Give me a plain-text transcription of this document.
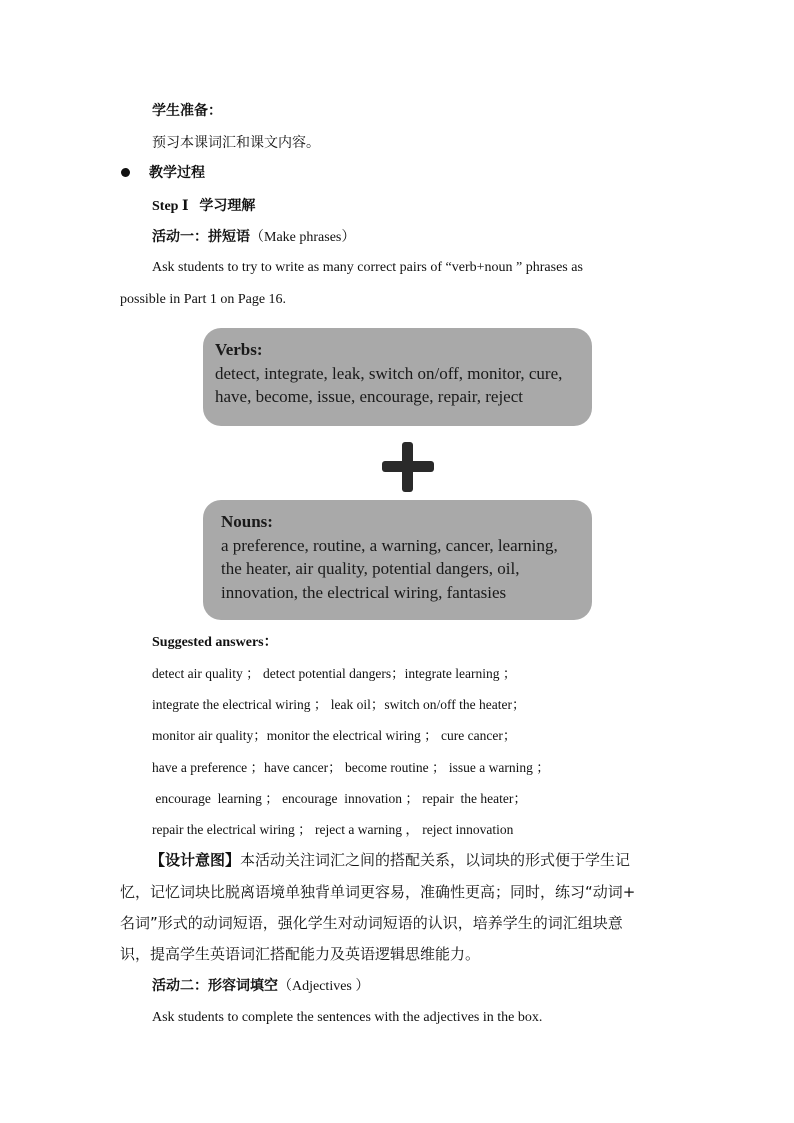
学生准备：
预习本课词汇和课文内容。
教学过程
Step Ⅰ 学习理解
活动一：拼短语（Make phrases）
Ask students to try to write as many correct pairs of “verb+noun ” phrases as
possible in Part 1 on Page 16.
Verbs:
detect, integrate, leak, switch on/off, monitor, cure,
have, become, issue, encourage, repair, reject
Nouns:
a preference, routine, a warning, cancer, learning,
the heater, air quality, potential dangers, oil,
innovation, the electrical wiring, fantasies
Suggested answers：
detect air quality ； detect potential dangers；integrate learning ；
integrate the electrical wiring ； leak oil；switch on/off the heater；
monitor air quality；monitor the electrical wiring ； cure cancer；
have a preference ；have cancer； become routine ； issue a warning ；
encourage  learning ； encourage  innovation ； repair  the heater；
repair the electrical wiring ； reject a warning ， reject innovation
【设计意图】本活动关注词汇之间的搭配关系，以词块的形式便于学生记
忆，记忆词块比脱离语境单独背单词更容易，准确性更高；同时，练习“动词+
名词”形式的动词短语，强化学生对动词短语的认识，培养学生的词汇组块意
识，提高学生英语词汇搭配能力及英语逻辑思维能力。
活动二：形容词填空（Adjectives ）
Ask students to complete the sentences with the adjectives in the box.
